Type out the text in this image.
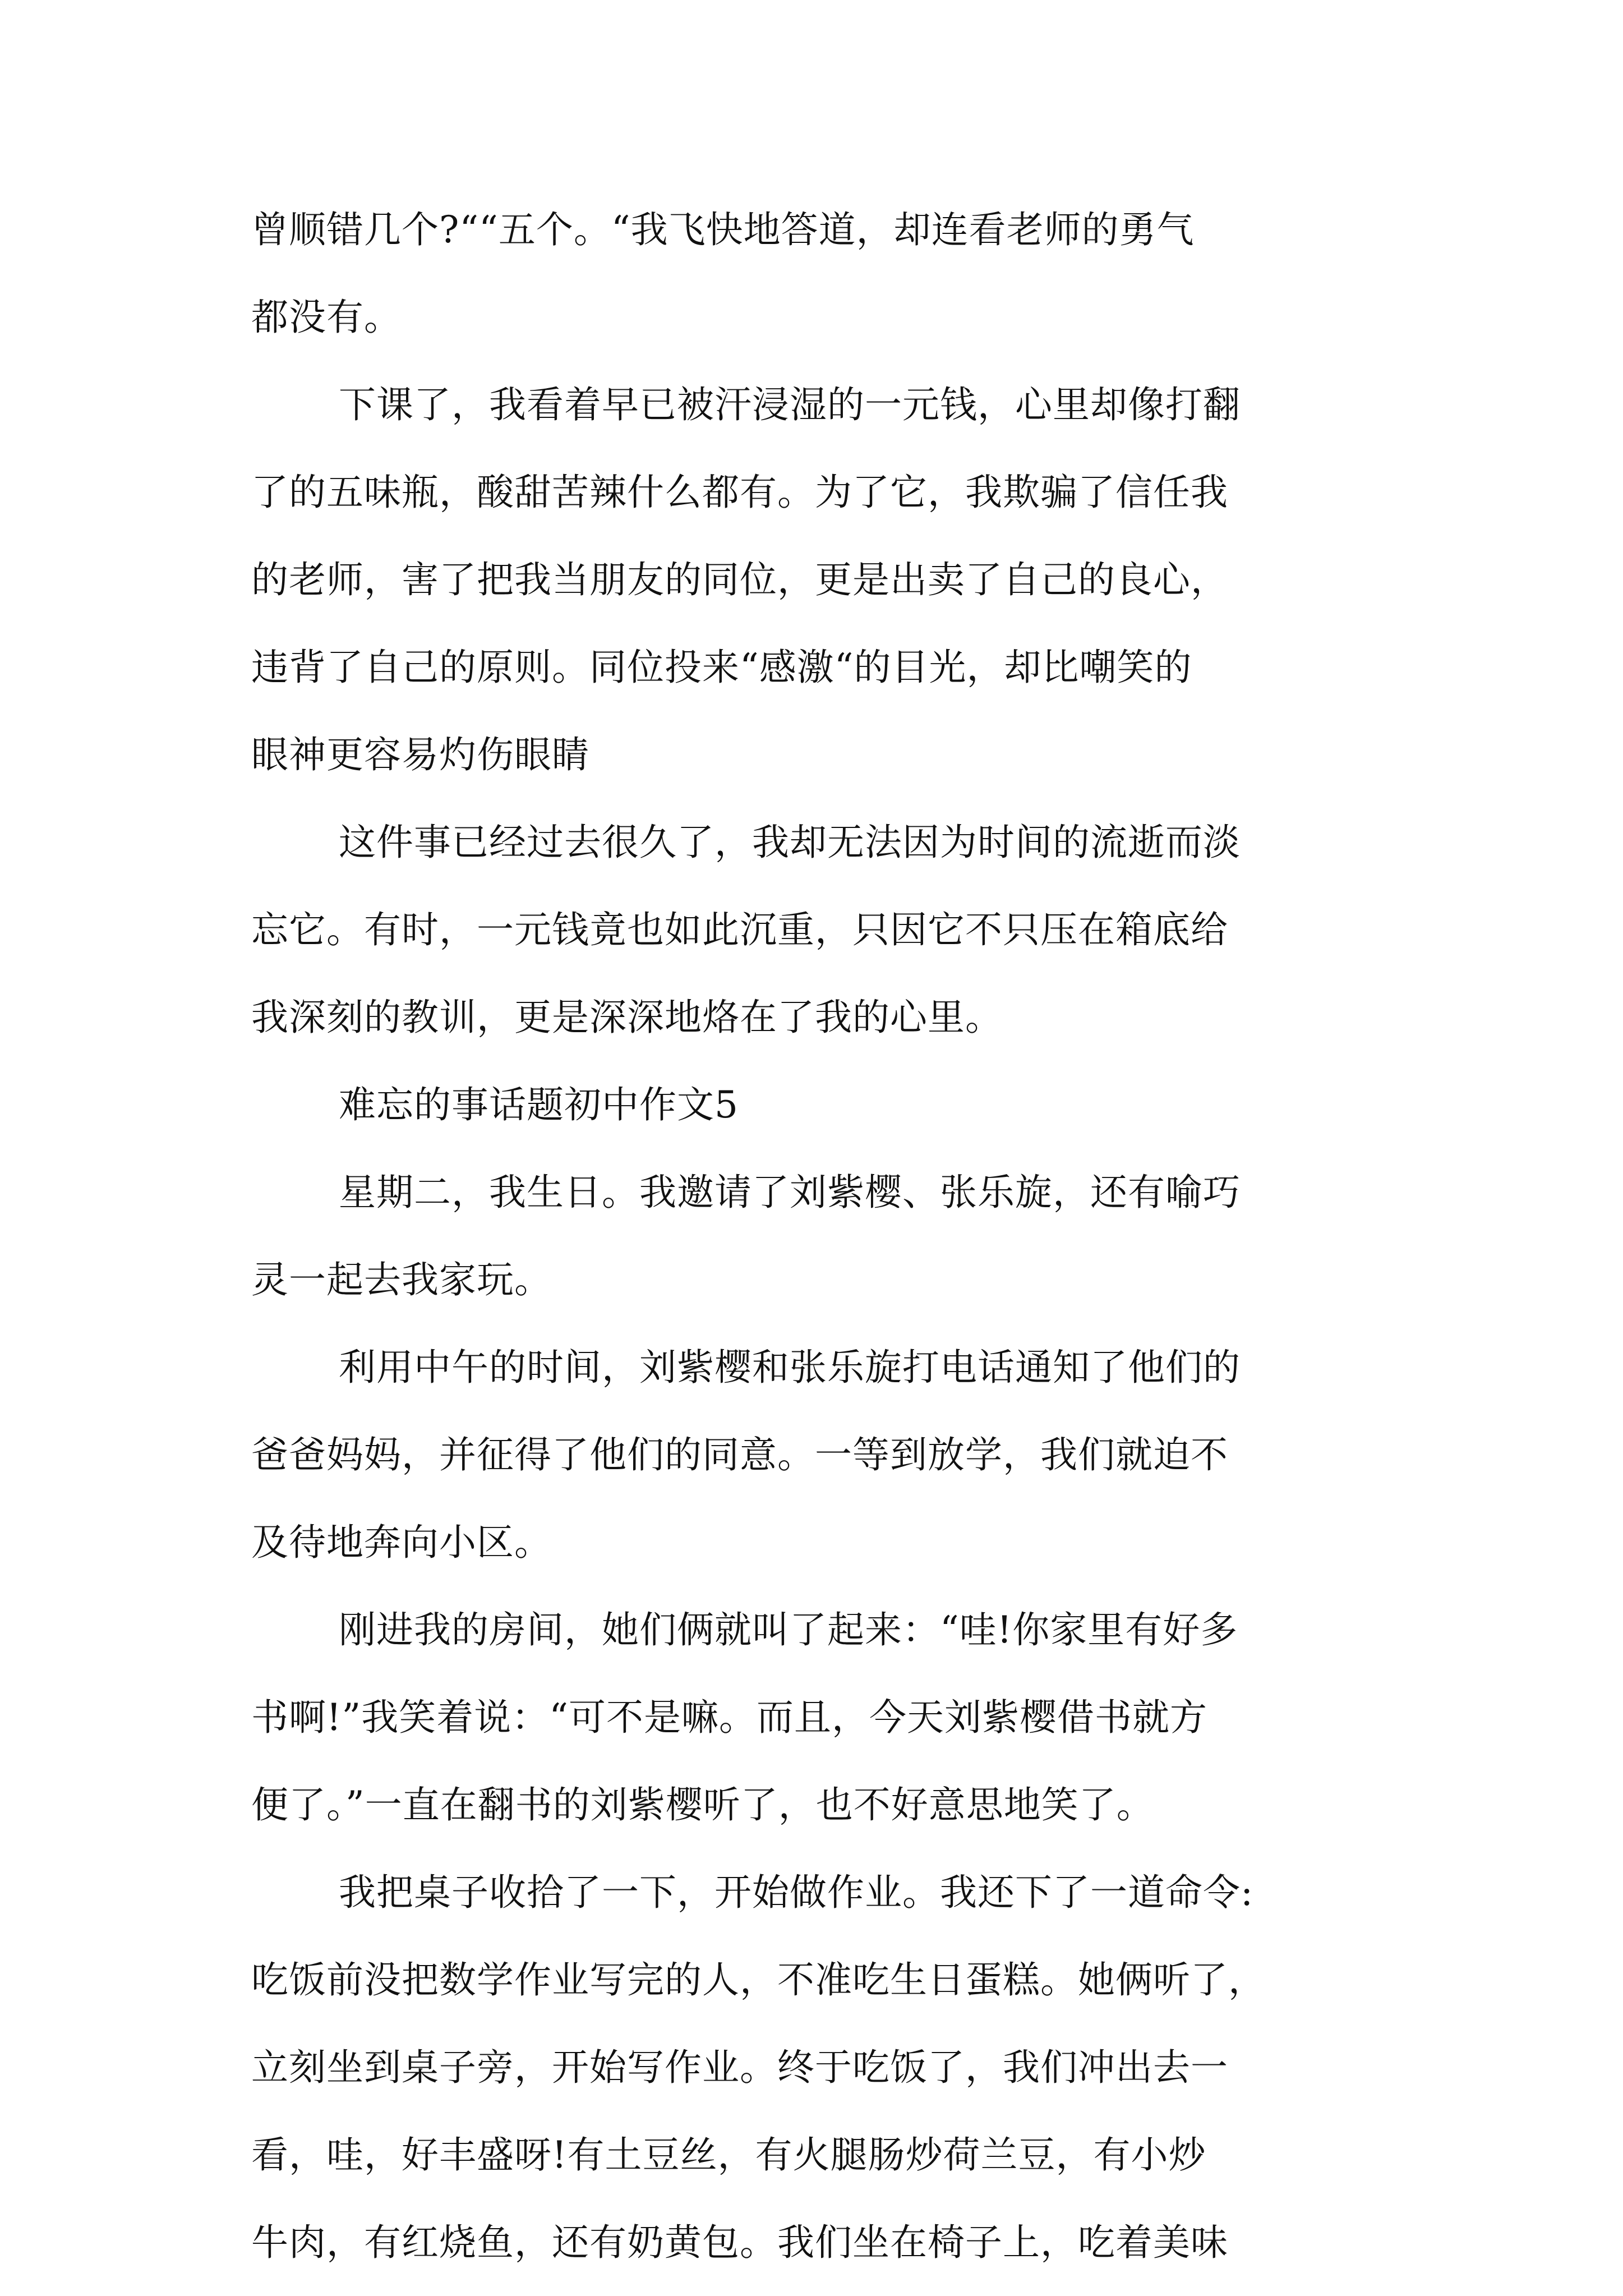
曾顺错几个?““五个。“我飞快地答道，却连看老师的勇气
都没有。
下课了，我看着早已被汗浸湿的一元钱，心里却像打翻
了的五味瓶，酸甜苦辣什么都有。为了它，我欺骗了信任我
的老师，害了把我当朋友的同位，更是出卖了自己的良心，
违背了自己的原则。同位投来“感激“的目光，却比嘲笑的
眼神更容易灼伤眼睛
这件事已经过去很久了，我却无法因为时间的流逝而淡
忘它。有时，一元钱竟也如此沉重，只因它不只压在箱底给
我深刻的教训，更是深深地烙在了我的心里。
难忘的事话题初中作文5
星期二，我生日。我邀请了刘紫樱、张乐旋，还有喻巧
灵一起去我家玩。
利用中午的时间，刘紫樱和张乐旋打电话通知了他们的
爸爸妈妈，并征得了他们的同意。一等到放学，我们就迫不
及待地奔向小区。
刚进我的房间，她们俩就叫了起来：“哇!你家里有好多
书啊!”我笑着说：“可不是嘛。而且，今天刘紫樱借书就方
便了。”一直在翻书的刘紫樱听了，也不好意思地笑了。
我把桌子收拾了一下，开始做作业。我还下了一道命令:
吃饭前没把数学作业写完的人，不准吃生日蛋糕。她俩听了，
立刻坐到桌子旁，开始写作业。终于吃饭了，我们冲出去一
看，哇，好丰盛呀!有土豆丝，有火腿肠炒荷兰豆，有小炒
牛肉，有红烧鱼，还有奶黄包。我们坐在椅子上，吃着美味
